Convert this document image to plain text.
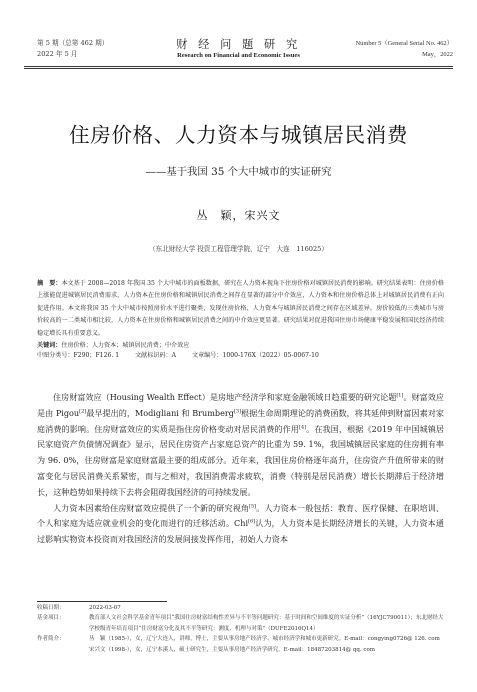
第 5 期（总第 462 期）
2022 年 5 月
财 经 问 题 研 究
Research on Financial and Economic Issues
Number 5（General Serial No. 462）
May，2022
住房价格、人力资本与城镇居民消费
——基于我国 35 个大中城市的实证研究
丛　颖，宋兴文
（东北财经大学 投资工程管理学院，辽宁　大连　116025）
摘　要：本文基于 2008—2018 年我国 35 个大中城市的面板数据，研究在人力资本视角下住房价格对城镇居民消费的影响。研究结果表明：住房价格上涨能促进城镇居民消费需求，人力资本在住房价格和城镇居民消费之间存在显著的部分中介效应，人力资本和住房价格总体上对城镇居民消费有正向促进作用。本文将我国 35 个大中城市按照房价水平进行聚类，发现住房价格、人力资本与城镇居民消费之间存在区域差异。房价较低的三类城市与房价较高的一二类城市相比较，人力资本在住房价格和城镇居民消费之间的中介效应更显著。研究结果对促进我国住房市场健康平稳发展和国民经济持续稳定增长具有重要意义。
关键词：住房价格；人力资本；城镇居民消费；中介效应
中图分类号：F290；F126. 1	文献标识码：A	文章编号：1000-176X（2022）05-0067-10

住房财富效应（Housing Wealth Effect）是房地产经济学和家庭金融领域日趋重要的研究论题[1]。财富效应是由 Pigou[2]最早提出的，Modigliani 和 Brumberg[3]根据生命周期理论的消费函数，将其延伸到财富因素对家庭消费的影响。住房财富效应的实质是指住房价格变动对居民消费的作用[4]。在我国，根据《2019 年中国城镇居民家庭资产负债情况调查》显示，居民住房资产占家庭总资产的比重为 59. 1%，我国城镇居民家庭的住房拥有率为 96. 0%，住房财富是家庭财富最主要的组成部分。近年来，我国住房价格逐年高升，住房资产升值所带来的财富变化与居民消费关系紧密，而与之相对，我国消费需求疲软，消费（特别是居民消费）增长长期滞后于经济增长，这种趋势如果持续下去将会阻碍我国经济的可持续发展。

人力资本因素给住房财富效应提供了一个新的研究视角[5]。人力资本一般包括：教育、医疗保健、在职培训、个人和家庭为适应就业机会的变化而进行的迁移活动。Chi[6]认为，人力资本是长期经济增长的关键，人力资本通过影响实物资本投资而对我国经济的发展间接发挥作用，初始人力资本

收稿日期：	2022-03-07
基金项目：	教育部人文社会科学基金青年项目“我国住房财富结构性差异与不平等问题研究：基于时间和空间维度的实证分析”（16YJC790011）；东北财经大学校级青年培育项目“住房财富分化及其不平等研究：测度、机理与对策”（DUFE2016Q14）
作者简介：	丛　颖（1985-），女，辽宁大连人，讲师，博士，主要从事房地产经济学、城市经济学和城市更新研究。E-mail：congying0726@ 126. com
宋兴文（1998-），女，辽宁本溪人，硕士研究生，主要从事房地产经济学研究。E-mail：18487203814@ qq. com
